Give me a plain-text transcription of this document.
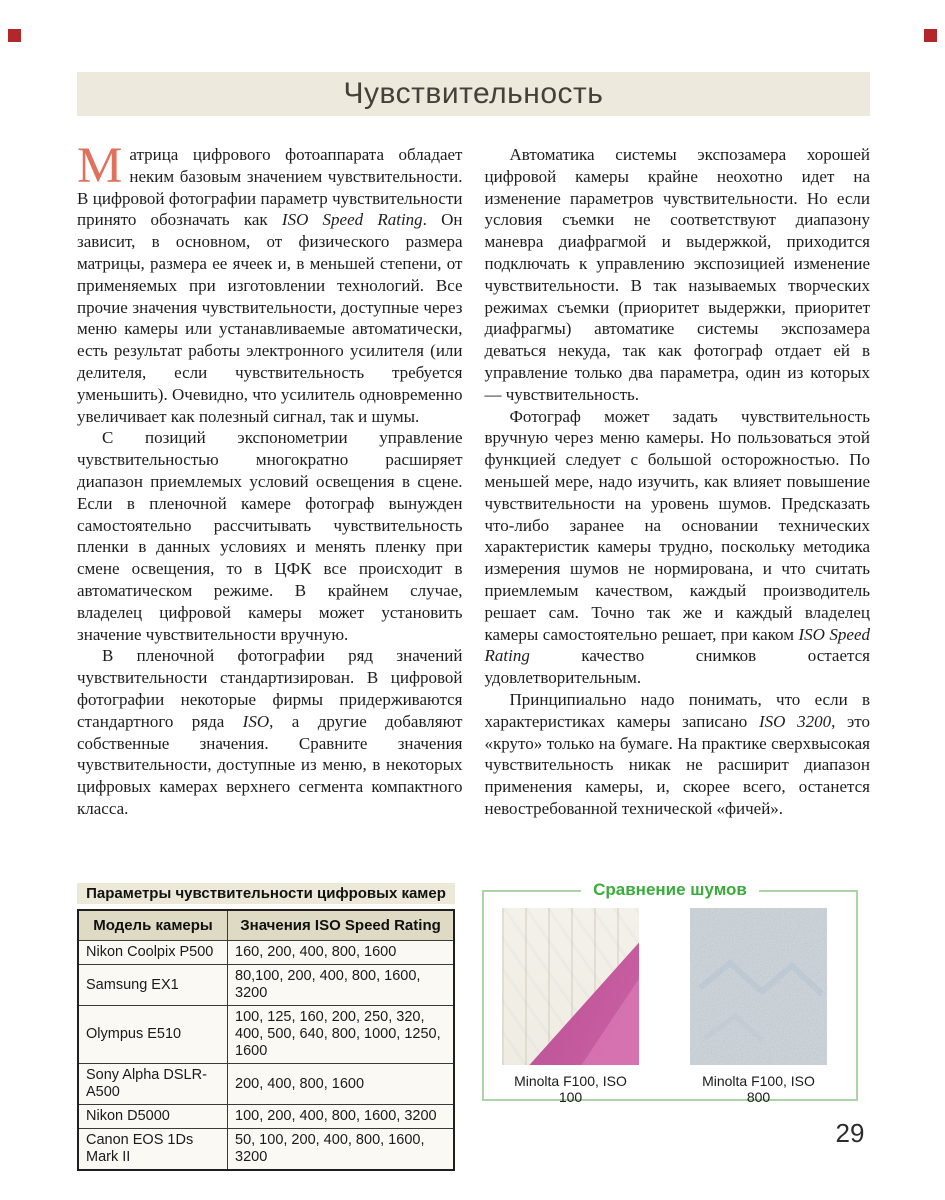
Чувствительность

Матрица цифрового фотоаппарата обладает неким базовым значением чувствительности. В цифровой фотографии параметр чувствительности принято обозначать как ISO Speed Rating. Он зависит, в основном, от физического размера матрицы, размера ее ячеек и, в меньшей степени, от применяемых при изготовлении технологий. Все прочие значения чувствительности, доступные через меню камеры или устанавливаемые автоматически, есть результат работы электронного усилителя (или делителя, если чувствительность требуется уменьшить). Очевидно, что усилитель одновременно увеличивает как полезный сигнал, так и шумы.

С позиций экспонометрии управление чувствительностью многократно расширяет диапазон приемлемых условий освещения в сцене. Если в пленочной камере фотограф вынужден самостоятельно рассчитывать чувствительность пленки в данных условиях и менять пленку при смене освещения, то в ЦФК все происходит в автоматическом режиме. В крайнем случае, владелец цифровой камеры может установить значение чувствительности вручную.

В пленочной фотографии ряд значений чувствительности стандартизирован. В цифровой фотографии некоторые фирмы придерживаются стандартного ряда ISO, а другие добавляют собственные значения. Сравните значения чувствительности, доступные из меню, в некоторых цифровых камерах верхнего сегмента компактного класса.

Автоматика системы экспозамера хорошей цифровой камеры крайне неохотно идет на изменение параметров чувствительности. Но если условия съемки не соответствуют диапазону маневра диафрагмой и выдержкой, приходится подключать к управлению экспозицией изменение чувствительности. В так называемых творческих режимах съемки (приоритет выдержки, приоритет диафрагмы) автоматике системы экспозамера деваться некуда, так как фотограф отдает ей в управление только два параметра, один из которых — чувствительность.

Фотограф может задать чувствительность вручную через меню камеры. Но пользоваться этой функцией следует с большой осторожностью. По меньшей мере, надо изучить, как влияет повышение чувствительности на уровень шумов. Предсказать что-либо заранее на основании технических характеристик камеры трудно, поскольку методика измерения шумов не нормирована, и что считать приемлемым качеством, каждый производитель решает сам. Точно так же и каждый владелец камеры самостоятельно решает, при каком ISO Speed Rating качество снимков остается удовлетворительным.

Принципиально надо понимать, что если в характеристиках камеры записано ISO 3200, это «круто» только на бумаге. На практике сверхвысокая чувствительность никак не расширит диапазон применения камеры, и, скорее всего, останется невостребованной технической «фичей».

Параметры чувствительности цифровых камер
Модель камеры	Значения ISO Speed Rating
Nikon Coolpix P500	160, 200, 400, 800, 1600
Samsung EX1	80,100, 200, 400, 800, 1600, 3200
Olympus E510	100, 125, 160, 200, 250, 320, 400, 500, 640, 800, 1000, 1250, 1600
Sony Alpha DSLR-A500	200, 400, 800, 1600
Nikon D5000	100, 200, 400, 800, 1600, 3200
Canon EOS 1Ds Mark II	50, 100, 200, 400, 800, 1600, 3200
Сравнение шумов
Minolta F100, ISO 100
Minolta F100, ISO 800
29
